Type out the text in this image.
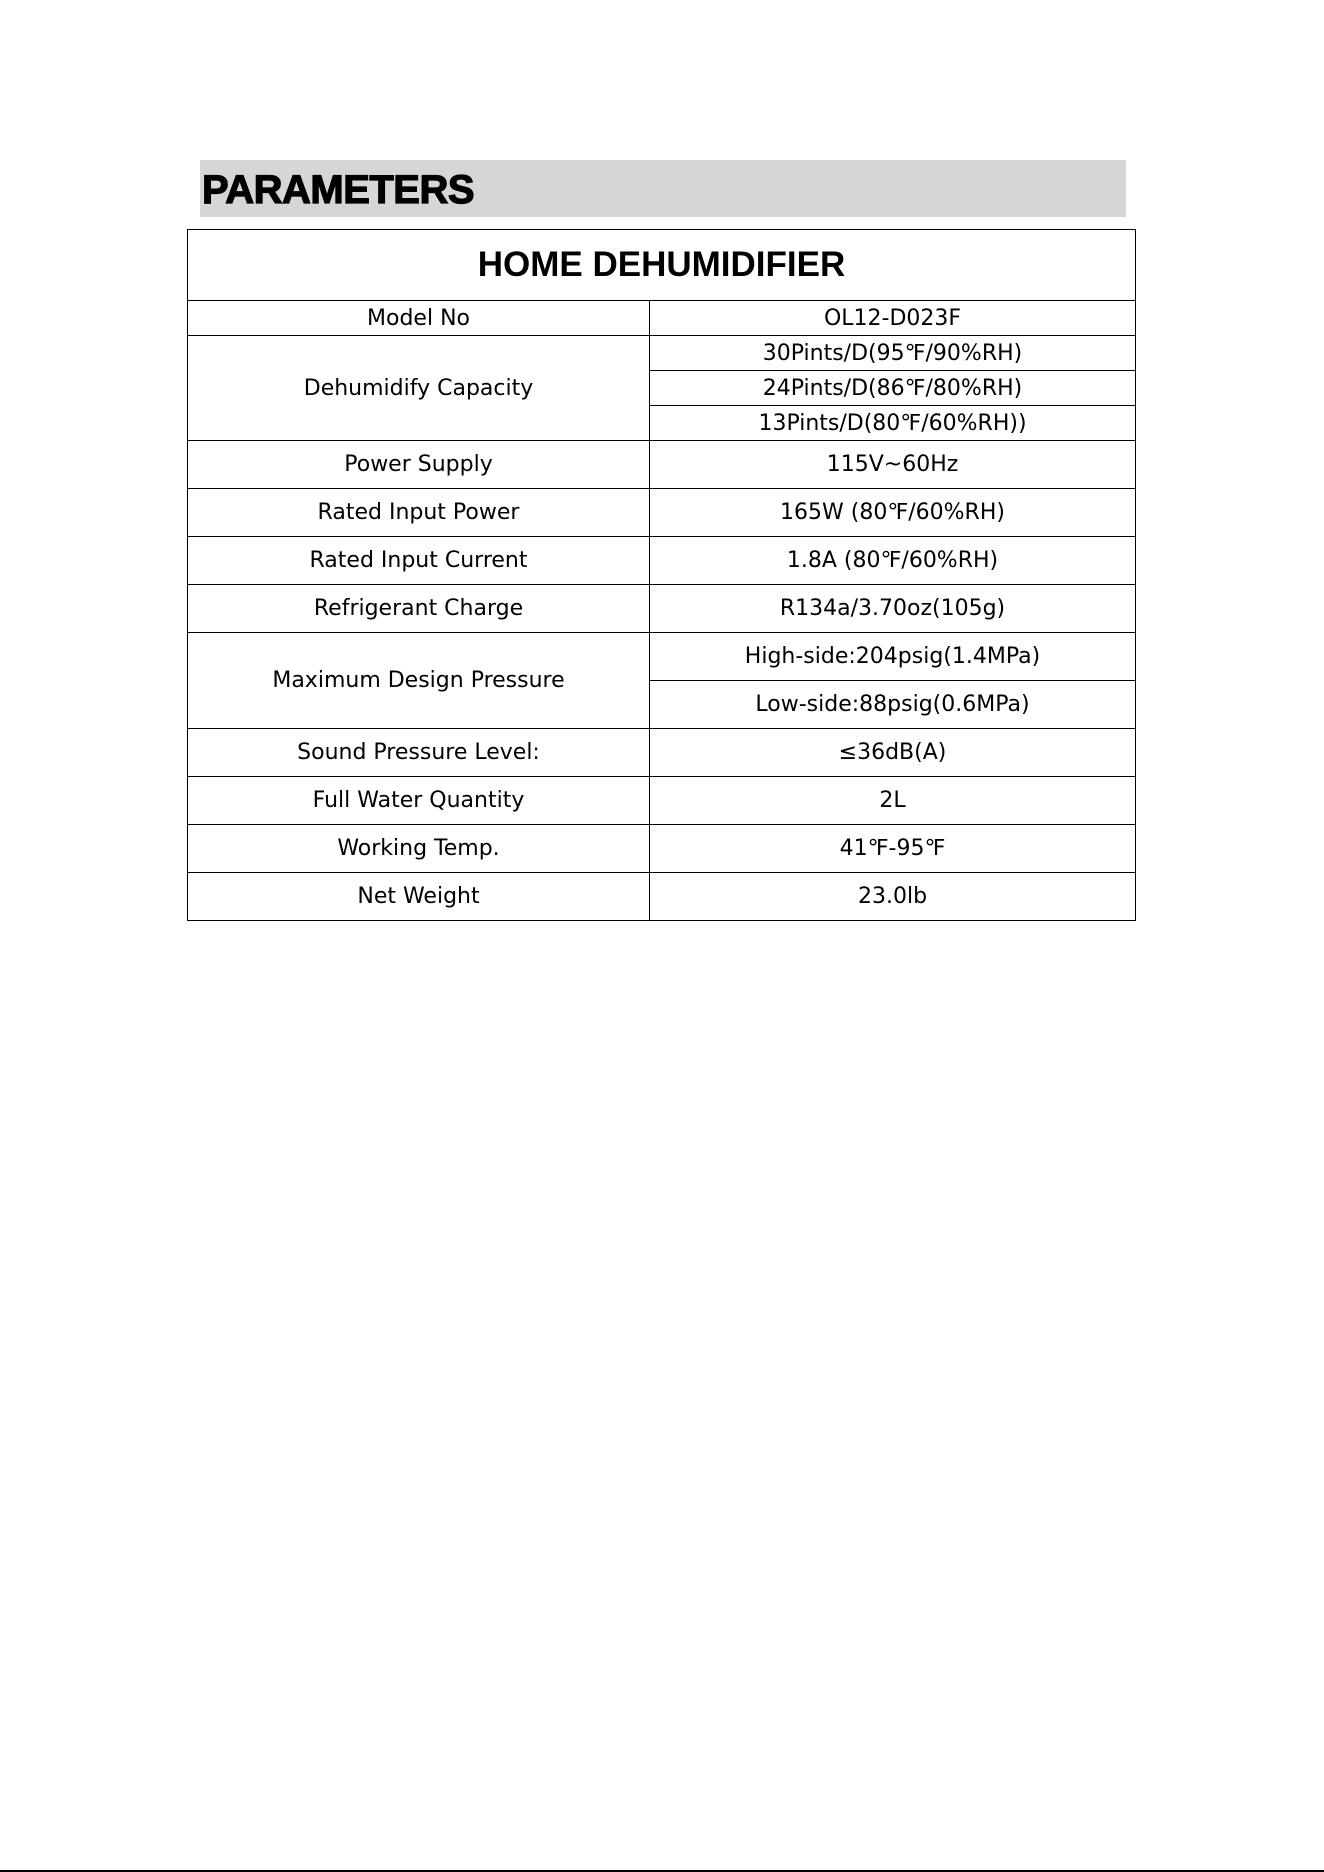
PARAMETERS
HOME DEHUMIDIFIER	
Model No	OL12-D023F
Dehumidify Capacity	30Pints/D(95℉/90%RH)
	24Pints/D(86℉/80%RH)
	13Pints/D(80℉/60%RH))
Power Supply	115V~60Hz
Rated Input Power	165W (80℉/60%RH)
Rated Input Current	1.8A (80℉/60%RH)
Refrigerant Charge	R134a/3.70oz(105g)
Maximum Design Pressure	High-side:204psig(1.4MPa)
	Low-side:88psig(0.6MPa)
Sound Pressure Level:	≤36dB(A)
Full Water Quantity	2L
Working Temp.	41℉-95℉
Net Weight	23.0lb
